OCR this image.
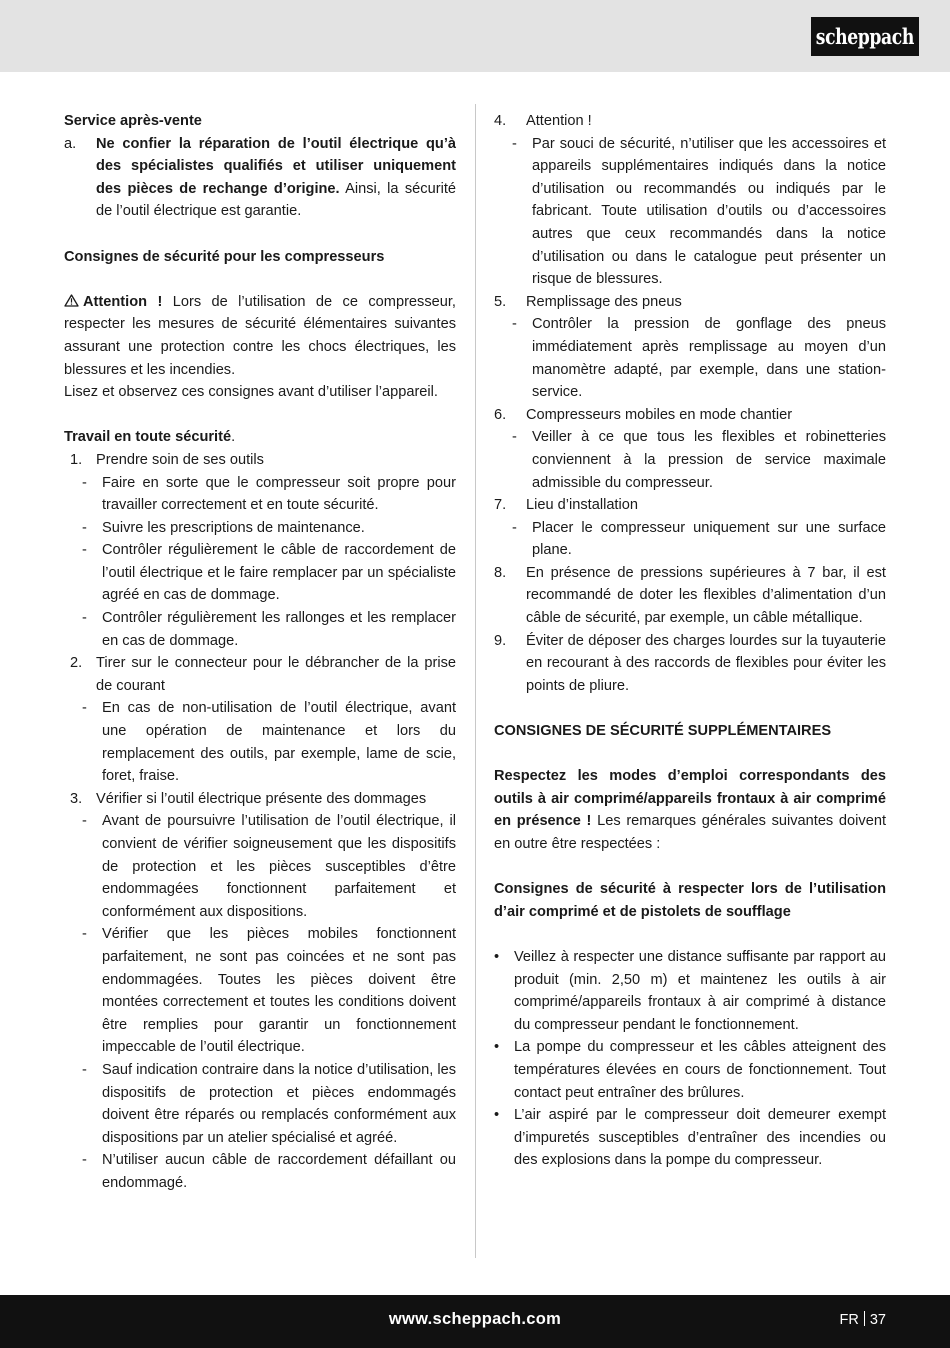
scheppach
Service après-vente
a.	Ne confier la réparation de l’outil électrique qu’à des spécialistes qualifiés et utiliser uniquement des pièces de rechange d’origine. Ainsi, la sécurité de l’outil électrique est garantie.
Consignes de sécurité pour les compresseurs
Attention ! Lors de l’utilisation de ce compresseur, respecter les mesures de sécurité élémentaires suivantes assurant une protection contre les chocs électriques, les blessures et les incendies.
Lisez et observez ces consignes avant d’utiliser l’appareil.
Travail en toute sécurité.
1. Prendre soin de ses outils
-	Faire en sorte que le compresseur soit propre pour travailler correctement et en toute sécurité.
-	Suivre les prescriptions de maintenance.
-	Contrôler régulièrement le câble de raccordement de l’outil électrique et le faire remplacer par un spécialiste agréé en cas de dommage.
-	Contrôler régulièrement les rallonges et les remplacer en cas de dommage.
2. Tirer sur le connecteur pour le débrancher de la prise de courant
-	En cas de non-utilisation de l’outil électrique, avant une opération de maintenance et lors du remplacement des outils, par exemple, lame de scie, foret, fraise.
3. Vérifier si l’outil électrique présente des dommages
-	Avant de poursuivre l’utilisation de l’outil électrique, il convient de vérifier soigneusement que les dispositifs de protection et les pièces susceptibles d’être endommagées fonctionnent parfaitement et conformément aux dispositions.
-	Vérifier que les pièces mobiles fonctionnent parfaitement, ne sont pas coincées et ne sont pas endommagées. Toutes les pièces doivent être montées correctement et toutes les conditions doivent être remplies pour garantir un fonctionnement impeccable de l’outil électrique.
-	Sauf indication contraire dans la notice d’utilisation, les dispositifs de protection et pièces endommagés doivent être réparés ou remplacés conformément aux dispositions par un atelier spécialisé et agréé.
-	N’utiliser aucun câble de raccordement défaillant ou endommagé.
4.	Attention !
-	Par souci de sécurité, n’utiliser que les accessoires et appareils supplémentaires indiqués dans la notice d’utilisation ou recommandés ou indiqués par le fabricant. Toute utilisation d’outils ou d’accessoires autres que ceux recommandés dans la notice d’utilisation ou dans le catalogue peut présenter un risque de blessures.
5.	Remplissage des pneus
-	Contrôler la pression de gonflage des pneus immédiatement après remplissage au moyen d’un manomètre adapté, par exemple, dans une station-service.
6.	Compresseurs mobiles en mode chantier
-	Veiller à ce que tous les flexibles et robinetteries conviennent à la pression de service maximale admissible du compresseur.
7.	Lieu d’installation
-	Placer le compresseur uniquement sur une surface plane.
8.	En présence de pressions supérieures à 7 bar, il est recommandé de doter les flexibles d’alimentation d’un câble de sécurité, par exemple, un câble métallique.
9.	Éviter de déposer des charges lourdes sur la tuyauterie en recourant à des raccords de flexibles pour éviter les points de pliure.
CONSIGNES DE SÉCURITÉ SUPPLÉMENTAIRES
Respectez les modes d’emploi correspondants des outils à air comprimé/appareils frontaux à air comprimé en présence ! Les remarques générales suivantes doivent en outre être respectées :
Consignes de sécurité à respecter lors de l’utilisation d’air comprimé et de pistolets de soufflage
•	Veillez à respecter une distance suffisante par rapport au produit (min. 2,50 m) et maintenez les outils à air comprimé/appareils frontaux à air comprimé à distance du compresseur pendant le fonctionnement.
•	La pompe du compresseur et les câbles atteignent des températures élevées en cours de fonctionnement. Tout contact peut entraîner des brûlures.
•	L’air aspiré par le compresseur doit demeurer exempt d’impuretés susceptibles d’entraîner des incendies ou des explosions dans la pompe du compresseur.
www.scheppach.com	FR 37
